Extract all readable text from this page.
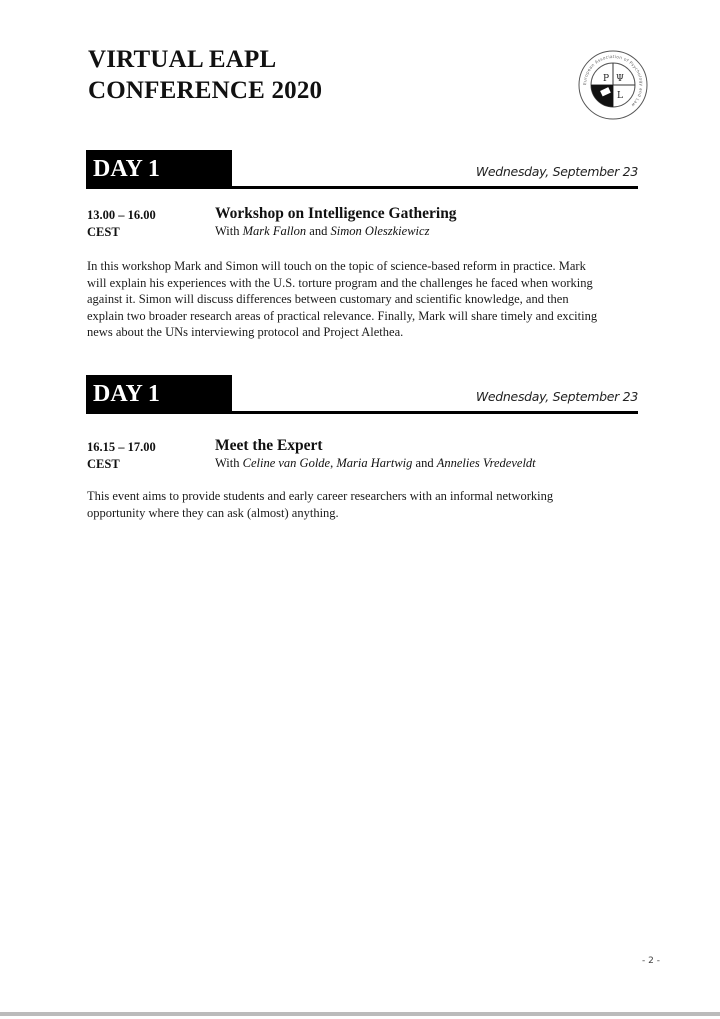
VIRTUAL EAPL
CONFERENCE 2020	European Association of Psychology and Law
P Ψ
L
DAY 1	Wednesday, September 23
13.00 – 16.00
CEST
Workshop on Intelligence Gathering
With Mark Fallon and Simon Oleszkiewicz

In this workshop Mark and Simon will touch on the topic of science-based reform in practice. Mark
will explain his experiences with the U.S. torture program and the challenges he faced when working
against it. Simon will discuss differences between customary and scientific knowledge, and then
explain two broader research areas of practical relevance. Finally, Mark will share timely and exciting
news about the UNs interviewing protocol and Project Alethea.

DAY 1	Wednesday, September 23
16.15 – 17.00
CEST
Meet the Expert
With Celine van Golde, Maria Hartwig and Annelies Vredeveldt

This event aims to provide students and early career researchers with an informal networking
opportunity where they can ask (almost) anything.

- 2 -
